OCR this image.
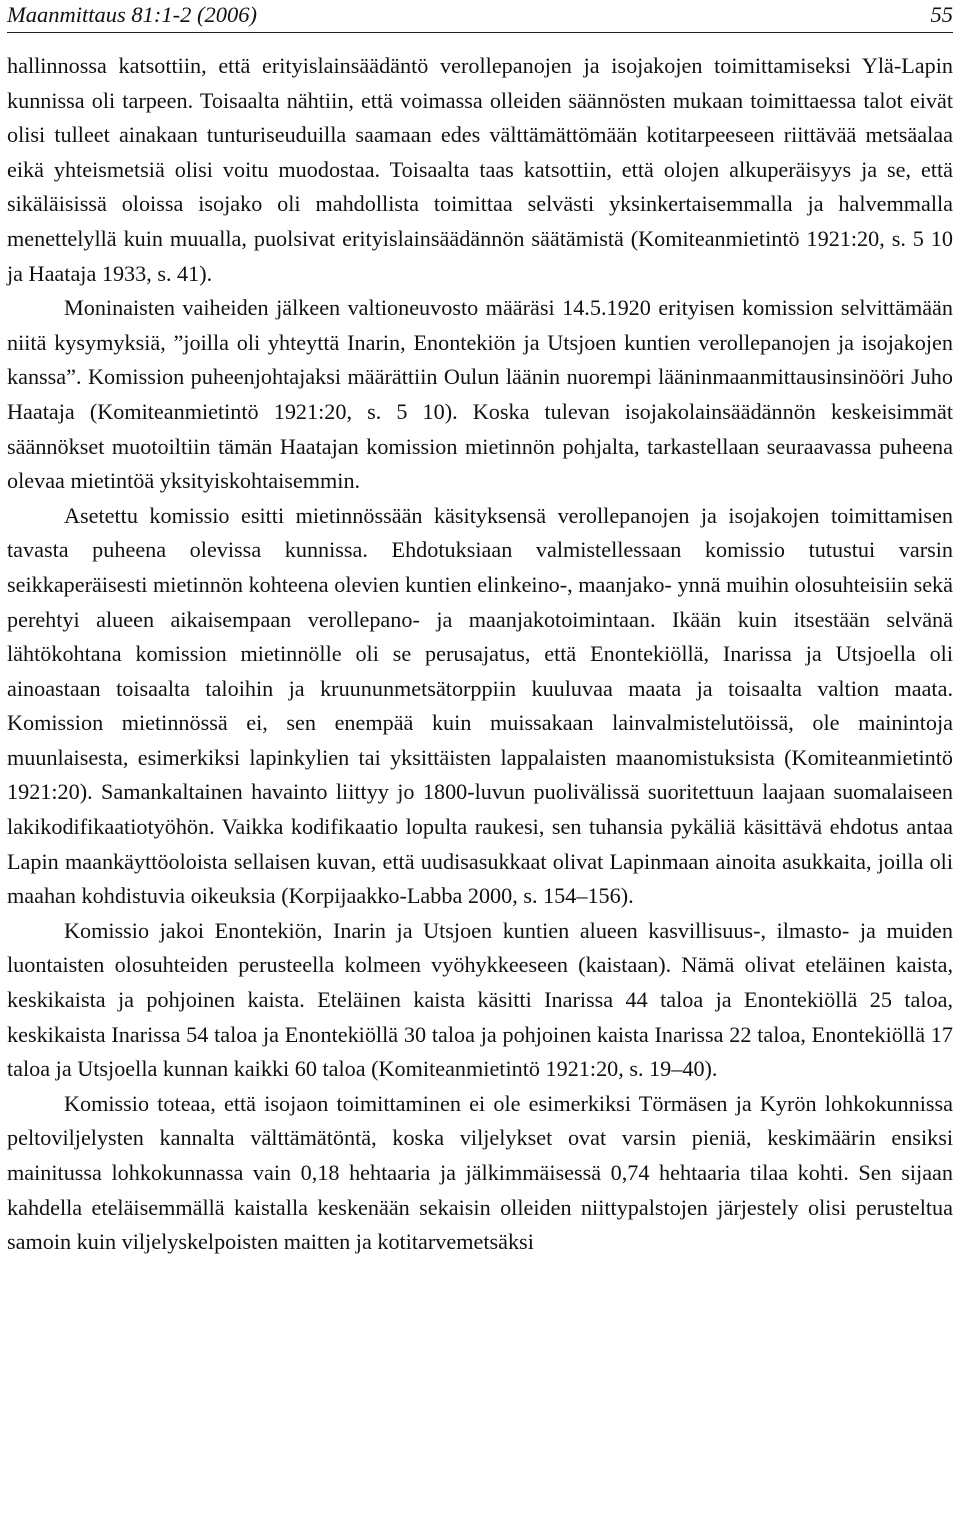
Maanmittaus 81:1-2 (2006)	55

hallinnossa katsottiin, että erityislainsäädäntö verollepanojen ja isojakojen toimittamiseksi Ylä-Lapin kunnissa oli tarpeen. Toisaalta nähtiin, että voimassa olleiden säännösten mukaan toimittaessa talot eivät olisi tulleet ainakaan tunturiseuduilla saamaan edes välttämättömään kotitarpeeseen riittävää metsäalaa eikä yhteismetsiä olisi voitu muodostaa. Toisaalta taas katsottiin, että olojen alkuperäisyys ja se, että sikäläisissä oloissa isojako oli mahdollista toimittaa selvästi yksinkertaisemmalla ja halvemmalla menettelyllä kuin muualla, puolsivat erityislainsäädännön säätämistä (Komiteanmietintö 1921:20, s. 5 10 ja Haataja 1933, s. 41).

Moninaisten vaiheiden jälkeen valtioneuvosto määräsi 14.5.1920 erityisen komission selvittämään niitä kysymyksiä, ”joilla oli yhteyttä Inarin, Enontekiön ja Utsjoen kuntien verollepanojen ja isojakojen kanssa”. Komission puheenjohtajaksi määrättiin Oulun läänin nuorempi lääninmaanmittausinsinööri Juho Haataja (Komiteanmietintö 1921:20, s. 5 10). Koska tulevan isojakolainsäädännön keskeisimmät säännökset muotoiltiin tämän Haatajan komission mietinnön pohjalta, tarkastellaan seuraavassa puheena olevaa mietintöä yksityiskohtaisemmin.

Asetettu komissio esitti mietinnössään käsityksensä verollepanojen ja isojakojen toimittamisen tavasta puheena olevissa kunnissa. Ehdotuksiaan valmistellessaan komissio tutustui varsin seikkaperäisesti mietinnön kohteena olevien kuntien elinkeino-, maanjako- ynnä muihin olosuhteisiin sekä perehtyi alueen aikaisempaan verollepano- ja maanjakotoimintaan. Ikään kuin itsestään selvänä lähtökohtana komission mietinnölle oli se perusajatus, että Enontekiöllä, Inarissa ja Utsjoella oli ainoastaan toisaalta taloihin ja kruununmetsätorppiin kuuluvaa maata ja toisaalta valtion maata. Komission mietinnössä ei, sen enempää kuin muissakaan lainvalmistelutöissä, ole mainintoja muunlaisesta, esimerkiksi lapinkylien tai yksittäisten lappalaisten maanomistuksista (Komiteanmietintö 1921:20). Samankaltainen havainto liittyy jo 1800-luvun puolivälissä suoritettuun laajaan suomalaiseen lakikodifikaatiotyöhön. Vaikka kodifikaatio lopulta raukesi, sen tuhansia pykäliä käsittävä ehdotus antaa Lapin maankäyttöoloista sellaisen kuvan, että uudisasukkaat olivat Lapinmaan ainoita asukkaita, joilla oli maahan kohdistuvia oikeuksia (Korpijaakko-Labba 2000, s. 154–156).

Komissio jakoi Enontekiön, Inarin ja Utsjoen kuntien alueen kasvillisuus-, ilmasto- ja muiden luontaisten olosuhteiden perusteella kolmeen vyöhykkeeseen (kaistaan). Nämä olivat eteläinen kaista, keskikaista ja pohjoinen kaista. Eteläinen kaista käsitti Inarissa 44 taloa ja Enontekiöllä 25 taloa, keskikaista Inarissa 54 taloa ja Enontekiöllä 30 taloa ja pohjoinen kaista Inarissa 22 taloa, Enontekiöllä 17 taloa ja Utsjoella kunnan kaikki 60 taloa (Komiteanmietintö 1921:20, s. 19–40).

Komissio toteaa, että isojaon toimittaminen ei ole esimerkiksi Törmäsen ja Kyrön lohkokunnissa peltoviljelysten kannalta välttämätöntä, koska viljelykset ovat varsin pieniä, keskimäärin ensiksi mainitussa lohkokunnassa vain 0,18 hehtaaria ja jälkimmäisessä 0,74 hehtaaria tilaa kohti. Sen sijaan kahdella eteläisemmällä kaistalla keskenään sekaisin olleiden niittypalstojen järjestely olisi perusteltua samoin kuin viljelyskelpoisten maitten ja kotitarvemetsäksi
